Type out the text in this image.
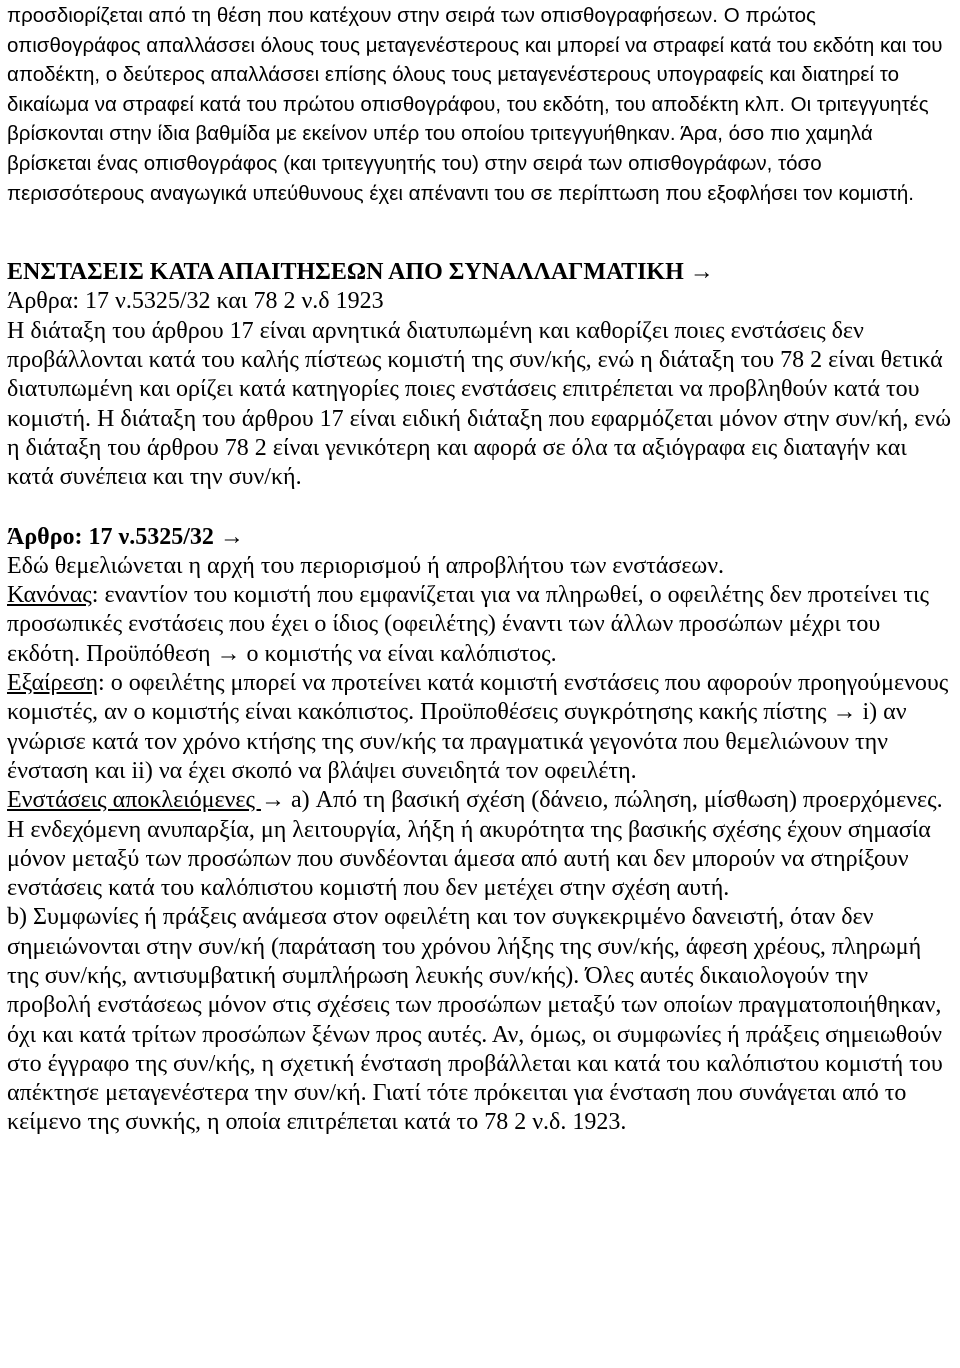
προσδιορίζεται από τη θέση που κατέχουν στην σειρά των οπισθογραφήσεων. Ο πρώτος οπισθογράφος απαλλάσσει όλους τους μεταγενέστερους και μπορεί να στραφεί κατά του εκδότη και του αποδέκτη, ο δεύτερος απαλλάσσει επίσης όλους τους μεταγενέστερους υπογραφείς και διατηρεί το δικαίωμα να στραφεί κατά του πρώτου οπισθογράφου, του εκδότη, του αποδέκτη κλπ. Οι τριτεγγυητές βρίσκονται στην ίδια βαθμίδα με εκείνον υπέρ του οποίου τριτεγγυήθηκαν. Άρα, όσο πιο χαμηλά βρίσκεται ένας οπισθογράφος (και τριτεγγυητής του) στην σειρά των οπισθογράφων, τόσο περισσότερους αναγωγικά υπεύθυνους έχει απέναντι του σε περίπτωση που εξοφλήσει τον κομιστή.

ΕΝΣΤΑΣΕΙΣ ΚΑΤΑ ΑΠΑΙΤΗΣΕΩΝ ΑΠΟ ΣΥΝΑΛΛΑΓΜΑΤΙΚΗ →

Άρθρα: 17 ν.5325/32 και 78 2 ν.δ 1923

Η διάταξη του άρθρου 17 είναι αρνητικά διατυπωμένη και καθορίζει ποιες ενστάσεις δεν προβάλλονται κατά του καλής πίστεως κομιστή της συν/κής, ενώ η διάταξη του 78 2 είναι θετικά διατυπωμένη και ορίζει κατά κατηγορίες ποιες ενστάσεις επιτρέπεται να προβληθούν κατά του κομιστή. Η διάταξη του άρθρου 17 είναι ειδική διάταξη που εφαρμόζεται μόνον στην συν/κή, ενώ η διάταξη του άρθρου 78 2 είναι γενικότερη και αφορά σε όλα τα αξιόγραφα εις διαταγήν και κατά συνέπεια και την συν/κή.

Άρθρο: 17 ν.5325/32 →

Εδώ θεμελιώνεται η αρχή του περιορισμού ή απροβλήτου των ενστάσεων.

Κανόνας: εναντίον του κομιστή που εμφανίζεται για να πληρωθεί, ο οφειλέτης δεν προτείνει τις προσωπικές ενστάσεις που έχει ο ίδιος (οφειλέτης) έναντι των άλλων προσώπων μέχρι του εκδότη. Προϋπόθεση → ο κομιστής να είναι καλόπιστος.

Εξαίρεση: ο οφειλέτης μπορεί να προτείνει κατά κομιστή ενστάσεις που αφορούν προηγούμενους κομιστές, αν ο κομιστής είναι κακόπιστος. Προϋποθέσεις συγκρότησης κακής πίστης → i) αν γνώρισε κατά τον χρόνο κτήσης της συν/κής τα πραγματικά γεγονότα που θεμελιώνουν την ένσταση και ii) να έχει σκοπό να βλάψει συνειδητά τον οφειλέτη.

Ενστάσεις αποκλειόμενες → a) Από τη βασική σχέση (δάνειο, πώληση, μίσθωση) προερχόμενες. Η ενδεχόμενη ανυπαρξία, μη λειτουργία, λήξη ή ακυρότητα της βασικής σχέσης έχουν σημασία μόνον μεταξύ των προσώπων που συνδέονται άμεσα από αυτή και δεν μπορούν να στηρίξουν ενστάσεις κατά του καλόπιστου κομιστή που δεν μετέχει στην σχέση αυτή.

b) Συμφωνίες ή πράξεις ανάμεσα στον οφειλέτη και τον συγκεκριμένο δανειστή, όταν δεν σημειώνονται στην συν/κή (παράταση του χρόνου λήξης της συν/κής, άφεση χρέους, πληρωμή της συν/κής, αντισυμβατική συμπλήρωση λευκής συν/κής). Όλες αυτές δικαιολογούν την προβολή ενστάσεως μόνον στις σχέσεις των προσώπων μεταξύ των οποίων πραγματοποιήθηκαν, όχι και κατά τρίτων προσώπων ξένων προς αυτές. Αν, όμως, οι συμφωνίες ή πράξεις σημειωθούν στο έγγραφο της συν/κής, η σχετική ένσταση προβάλλεται και κατά του καλόπιστου κομιστή του απέκτησε μεταγενέστερα την συν/κή. Γιατί τότε πρόκειται για ένσταση που συνάγεται από το κείμενο της συνκής, η οποία επιτρέπεται κατά το 78 2 ν.δ. 1923.
